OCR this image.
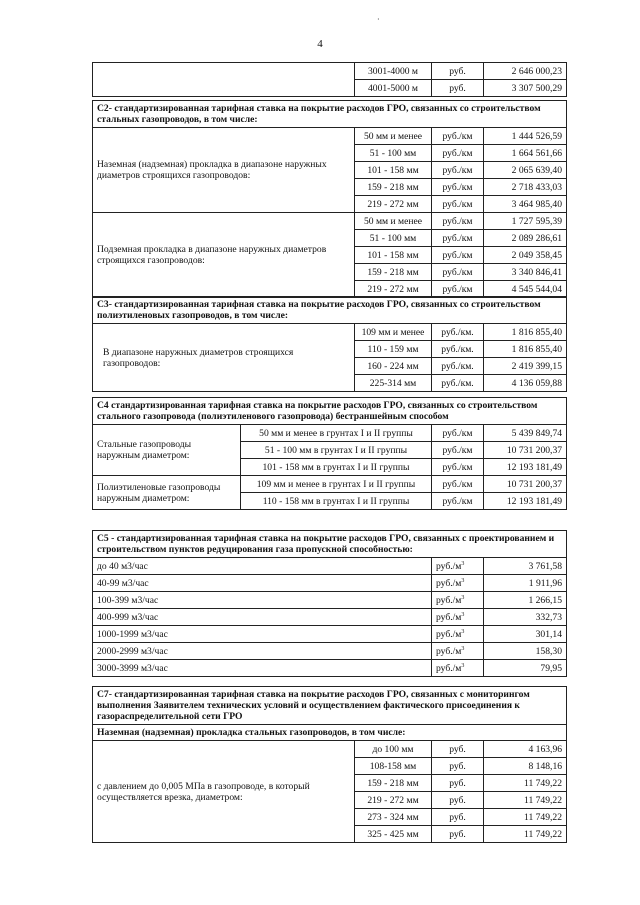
·
4
	3001-4000 м	руб.	2 646 000,23
	4001-5000 м	руб.	3 307 500,29
С2- стандартизированная тарифная ставка на покрытие расходов ГРО, связанных со строительством стальных газопроводов, в том числе:			
Наземная (надземная) прокладка в диапазоне наружных диаметров строящихся газопроводов:	50 мм и менее	руб./км	1 444 526,59
	51 - 100 мм	руб./км	1 664 561,66
	101 - 158 мм	руб./км	2 065 639,40
	159 - 218 мм	руб./км	2 718 433,03
	219 - 272 мм	руб./км	3 464 985,40
Подземная прокладка в диапазоне наружных диаметров строящихся газопроводов:	50 мм и менее	руб./км	1 727 595,39
	51 - 100 мм	руб./км	2 089 286,61
	101 - 158 мм	руб./км	2 049 358,45
	159 - 218 мм	руб./км	3 340 846,41
	219 - 272 мм	руб./км	4 545 544,04
С3- стандартизированная тарифная ставка на покрытие расходов ГРО, связанных со строительством полиэтиленовых газопроводов, в том числе:			
В диапазоне наружных диаметров строящихся газопроводов:	109 мм и менее	руб./км.	1 816 855,40
	110 - 159 мм	руб./км.	1 816 855,40
	160 - 224 мм	руб./км.	2 419 399,15
	225-314 мм	руб./км.	4 136 059,88
С4 стандартизированная тарифная ставка на покрытие расходов ГРО, связанных со строительством стального газопровода (полиэтиленового газопровода) бестраншейным способом			
Стальные газопроводы наружным диаметром:	50 мм и менее в грунтах I и II группы	руб./км	5 439 849,74
	51 - 100 мм в грунтах I и II группы	руб./км	10 731 200,37
	101 - 158 мм в грунтах I и II группы	руб./км	12 193 181,49
Полиэтиленовые газопроводы наружным диаметром:	109 мм и менее в грунтах I и II группы	руб./км	10 731 200,37
	110 - 158 мм в грунтах I и II группы	руб./км	12 193 181,49
С5 - стандартизированная тарифная ставка на покрытие расходов ГРО, связанных с проектированием и строительством пунктов редуцирования газа пропускной способностью:		
до 40 м3/час	$руб./м^3$	3 761,58
40-99 м3/час	$руб./м^3$	1 911,96
100-399 м3/час	$руб./м^3$	1 266,15
400-999 м3/час	$руб./м^3$	332,73
1000-1999 м3/час	$руб./м^3$	301,14
2000-2999 м3/час	$руб./м^3$	158,30
3000-3999 м3/час	$руб./м^3$	79,95
С7- стандартизированная тарифная ставка на покрытие расходов ГРО, связанных с мониторингом выполнения Заявителем технических условий и осуществлением фактического присоединения к газораспределительной сети ГРО			
Наземная (надземная) прокладка стальных газопроводов, в том числе:			
с давлением до 0,005 МПа в газопроводе, в который осуществляется врезка, диаметром:	до 100 мм	руб.	4 163,96
	108-158 мм	руб.	8 148,16
	159 - 218 мм	руб.	11 749,22
	219 - 272 мм	руб.	11 749,22
	273 - 324 мм	руб.	11 749,22
	325 - 425 мм	руб.	11 749,22
